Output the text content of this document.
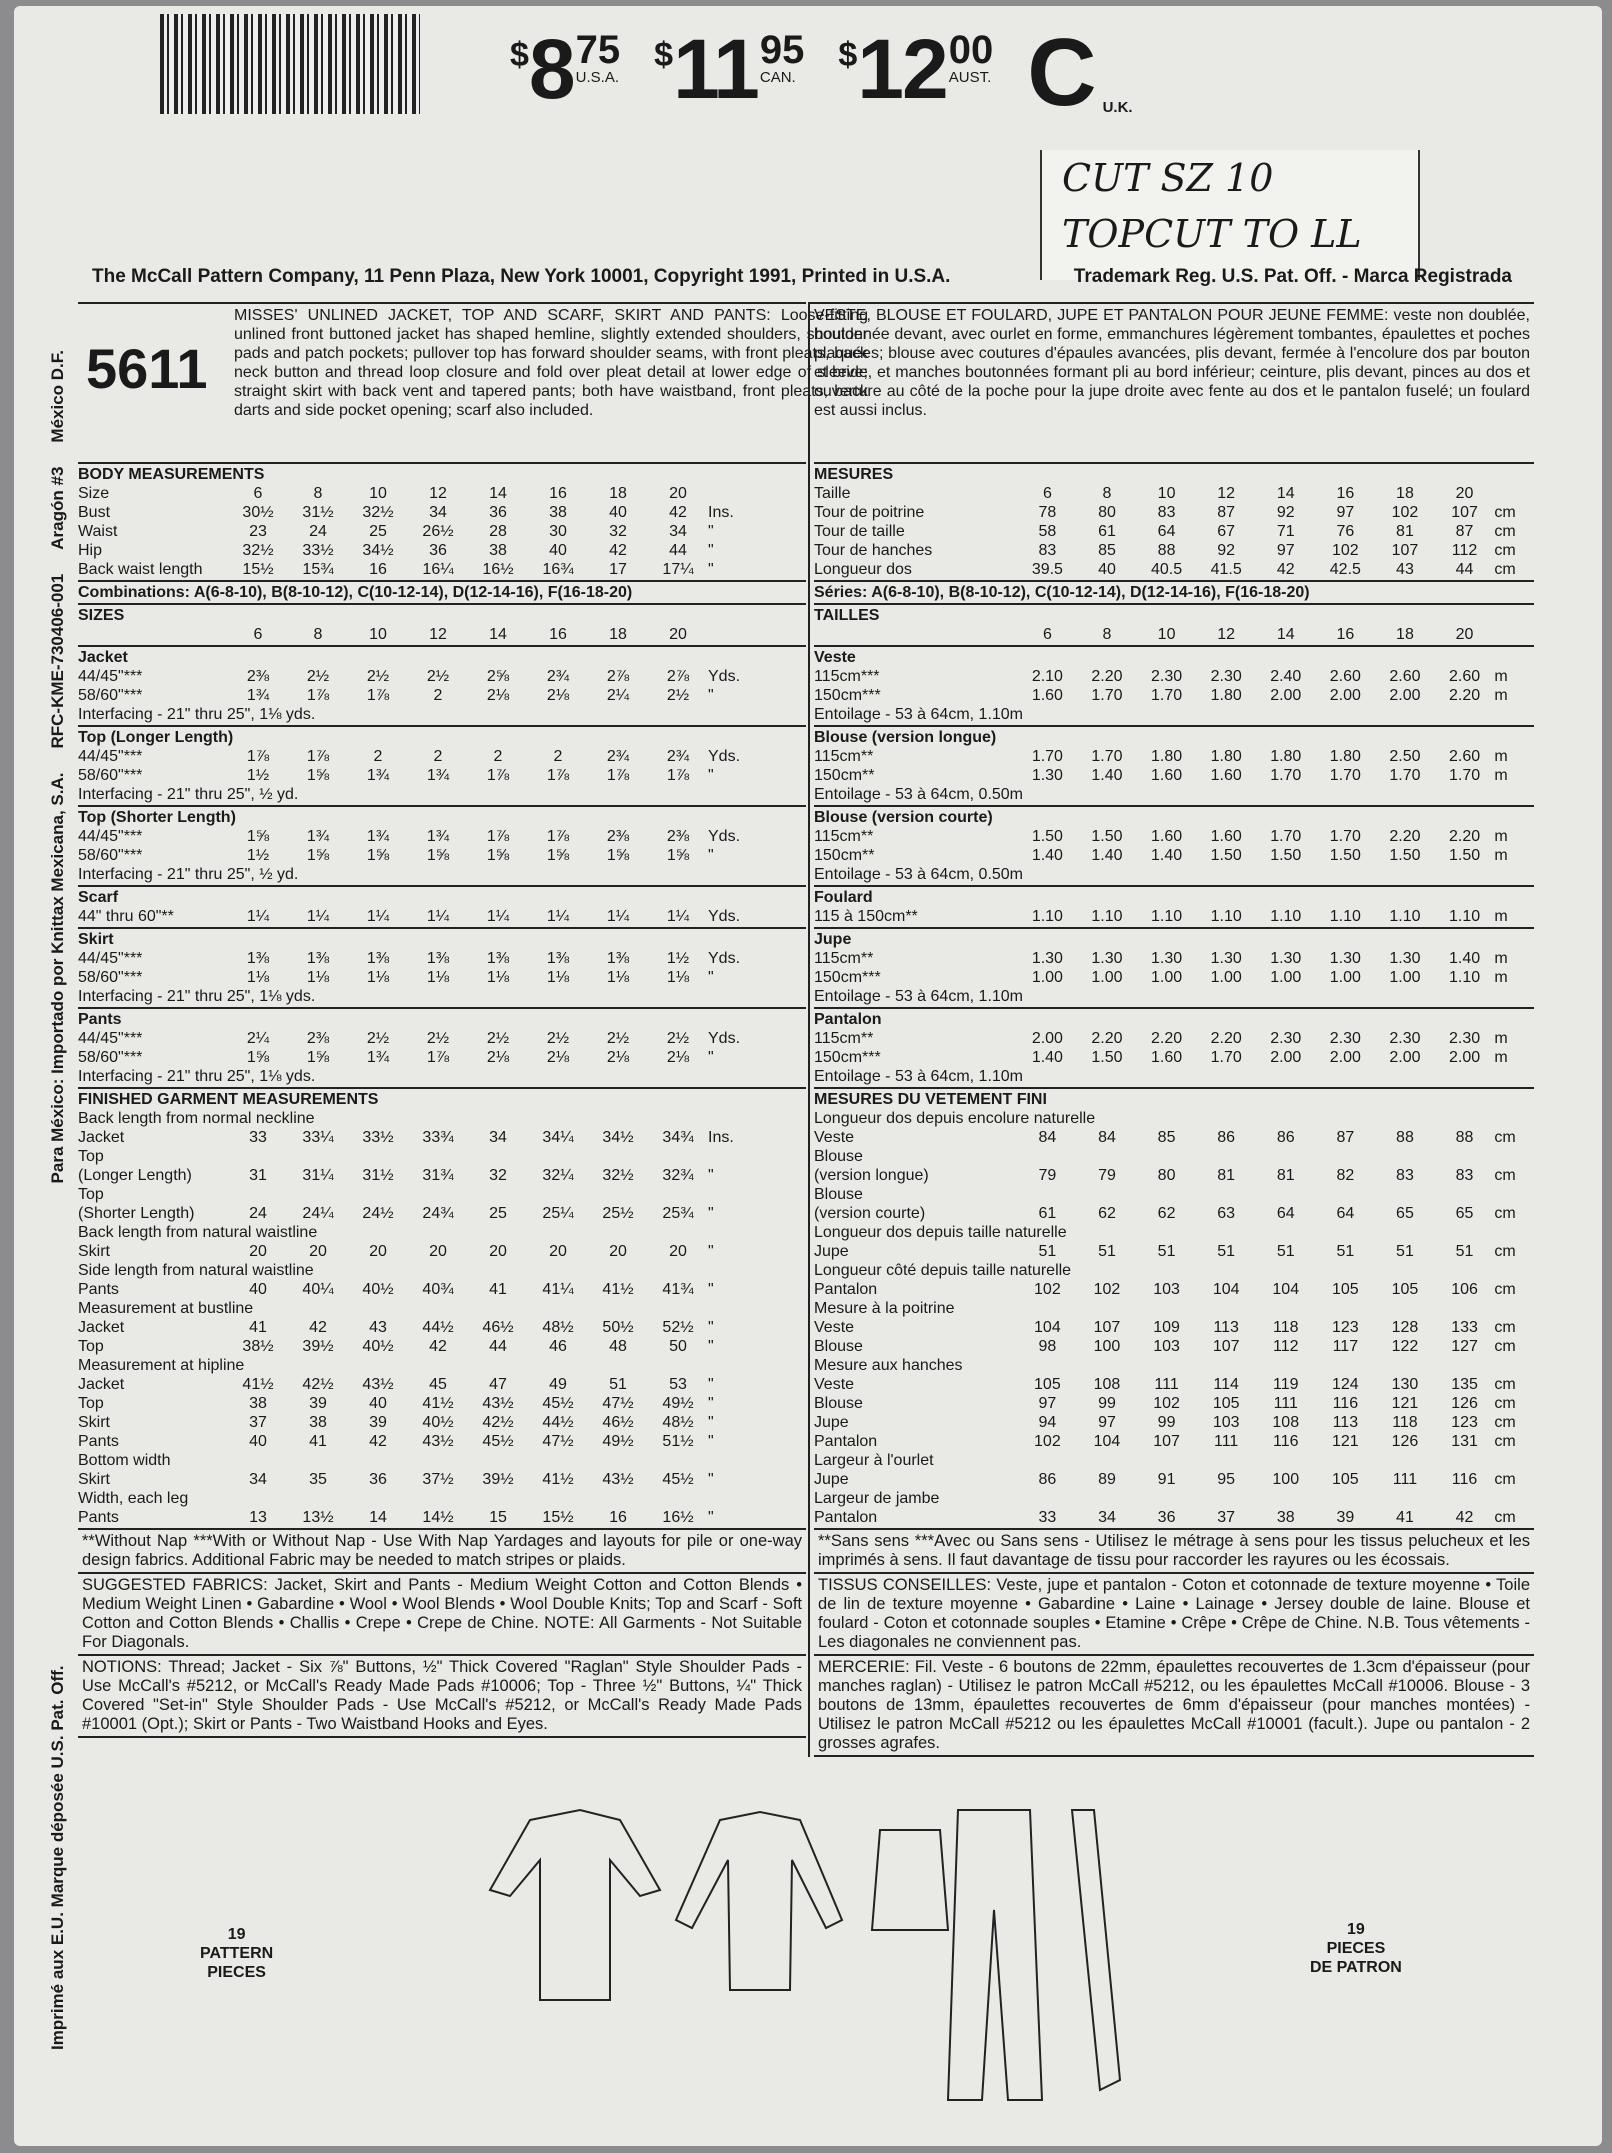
$ 8 75
U.S.A.
$ 11 95
CAN.
$ 12 00
AUST. C U.K.
CUT SZ 10
TOPCUT TO LL
The McCall Pattern Company, 11 Penn Plaza, New York 10001, Copyright 1991, Printed in U.S.A.	Trademark Reg. U.S. Pat. Off. - Marca Registrada
Imprimé aux E.U. Marque déposée U.S. Pat. Off.
Para México: Importado por Knittax Mexicana, S.A.
RFC-KME-730406-001
Aragón #3
México D.F. 5611
MISSES' UNLINED JACKET, TOP AND SCARF, SKIRT AND PANTS: Loose-fitting unlined front buttoned jacket has shaped hemline, slightly extended shoulders, shoulder pads and patch pockets; pullover top has forward shoulder seams, with front pleats, back neck button and thread loop closure and fold over pleat detail at lower edge of sleeve; straight skirt with back vent and tapered pants; both have waistband, front pleats, back darts and side pocket opening; scarf also included.
BODY MEASUREMENTS
Size	6	8	10	12	14	16	18	20
Bust	30½	31½	32½	34	36	38	40	42	Ins.
Waist	23	24	25	26½	28	30	32	34	"
Hip	32½	33½	34½	36	38	40	42	44	"
Back waist length	15½	15¾	16	16¼	16½	16¾	17	17¼ "
Combinations: A(6-8-10), B(8-10-12), C(10-12-14), D(12-14-16), F(16-18-20)
SIZES
6	8	10	12	14	16	18	20
Jacket
44/45"***	2⅜	2½	2½	2½	2⅝	2¾	2⅞	2⅞	Yds.
58/60"***	1¾	1⅞	1⅞	2	2⅛	2⅛	2¼	2½	"
Interfacing - 21" thru 25", 1⅛ yds.
Top (Longer Length)
44/45"***	1⅞	1⅞	2	2	2	2	2¾	2¾	Yds.
58/60"***	1½	1⅝	1¾	1¾	1⅞	1⅞	1⅞	1⅞	"
Interfacing - 21" thru 25", ½ yd.
Top (Shorter Length)
44/45"***	1⅝	1¾	1¾	1¾	1⅞	1⅞	2⅜	2⅜	Yds.
58/60"***	1½	1⅝	1⅝	1⅝	1⅝	1⅝	1⅝	1⅝	"
Interfacing - 21" thru 25", ½ yd.
Scarf
44" thru 60"**	1¼	1¼	1¼	1¼	1¼	1¼	1¼	1¼	Yds.
Skirt
44/45"***	1⅜	1⅜	1⅜	1⅜	1⅜	1⅜	1⅜	1½	Yds.
58/60"***	1⅛	1⅛	1⅛	1⅛	1⅛	1⅛	1⅛	1⅛	"
Interfacing - 21" thru 25", 1⅛ yds.
Pants
44/45"***	2¼	2⅜	2½	2½	2½	2½	2½	2½	Yds.
58/60"***	1⅝	1⅝	1¾	1⅞	2⅛	2⅛	2⅛	2⅛	"
Interfacing - 21" thru 25", 1⅛ yds.
FINISHED GARMENT MEASUREMENTS
Back length from normal neckline
Jacket	33	33¼	33½	33¾	34	34¼	34½	34¾ Ins.
Top
(Longer Length)	31	31¼	31½	31¾	32	32¼	32½	32¾ "
Top
(Shorter Length)	24	24¼	24½	24¾	25	25¼	25½	25¾ "
Back length from natural waistline
Skirt	20	20	20	20	20	20	20	20	"
Side length from natural waistline
Pants	40	40¼	40½	40¾	41	41¼	41½	41¾ "
Measurement at bustline
Jacket	41	42	43	44½	46½	48½	50½	52½ "
Top	38½	39½	40½	42	44	46	48	50	"
Measurement at hipline
Jacket	41½	42½	43½	45	47	49	51	53	"
Top	38	39	40	41½	43½	45½	47½	49½ "
Skirt	37	38	39	40½	42½	44½	46½	48½ "
Pants	40	41	42	43½	45½	47½	49½	51½ "
Bottom width
Skirt	34	35	36	37½	39½	41½	43½	45½ "
Width, each leg
Pants	13	13½	14	14½	15	15½	16	16½ "
**Without Nap ***With or Without Nap - Use With Nap Yardages and layouts for pile or one-way design fabrics. Additional Fabric may be needed to match stripes or plaids.
SUGGESTED FABRICS: Jacket, Skirt and Pants - Medium Weight Cotton and Cotton Blends • Medium Weight Linen • Gabardine • Wool • Wool Blends • Wool Double Knits; Top and Scarf - Soft Cotton and Cotton Blends • Challis • Crepe • Crepe de Chine. NOTE: All Garments - Not Suitable For Diagonals.
NOTIONS: Thread; Jacket - Six ⅞" Buttons, ½" Thick Covered "Raglan" Style Shoulder Pads - Use McCall's #5212, or McCall's Ready Made Pads #10006; Top - Three ½" Buttons, ¼" Thick Covered "Set-in" Style Shoulder Pads - Use McCall's #5212, or McCall's Ready Made Pads #10001 (Opt.); Skirt or Pants - Two Waistband Hooks and Eyes.
VESTE, BLOUSE ET FOULARD, JUPE ET PANTALON POUR JEUNE FEMME: veste non doublée, boutonnée devant, avec ourlet en forme, emmanchures légèrement tombantes, épaulettes et poches plaquées; blouse avec coutures d'épaules avancées, plis devant, fermée à l'encolure dos par bouton et bride, et manches boutonnées formant pli au bord inférieur; ceinture, plis devant, pinces au dos et ouverture au côté de la poche pour la jupe droite avec fente au dos et le pantalon fuselé; un foulard est aussi inclus.
MESURES
Taille	6	8	10	12	14	16	18	20
Tour de poitrine	78	80	83	87	92	97	102	107	cm
Tour de taille	58	61	64	67	71	76	81	87	cm
Tour de hanches	83	85	88	92	97	102	107	112	cm
Longueur dos	39.5	40	40.5	41.5	42	42.5	43	44	cm
Séries: A(6-8-10), B(8-10-12), C(10-12-14), D(12-14-16), F(16-18-20)
TAILLES
6	8	10	12	14	16	18	20
Veste
115cm***	2.10	2.20	2.30	2.30	2.40	2.60	2.60	2.60 m
150cm***	1.60	1.70	1.70	1.80	2.00	2.00	2.00	2.20 m
Entoilage - 53 à 64cm, 1.10m
Blouse (version longue)
115cm**	1.70	1.70	1.80	1.80	1.80	1.80	2.50	2.60 m
150cm**	1.30	1.40	1.60	1.60	1.70	1.70	1.70	1.70 m
Entoilage - 53 à 64cm, 0.50m
Blouse (version courte)
115cm**	1.50	1.50	1.60	1.60	1.70	1.70	2.20	2.20 m
150cm**	1.40	1.40	1.40	1.50	1.50	1.50	1.50	1.50 m
Entoilage - 53 à 64cm, 0.50m
Foulard
115 à 150cm**	1.10	1.10	1.10	1.10	1.10	1.10	1.10	1.10 m
Jupe
115cm**	1.30	1.30	1.30	1.30	1.30	1.30	1.30	1.40 m
150cm***	1.00	1.00	1.00	1.00	1.00	1.00	1.00	1.10 m
Entoilage - 53 à 64cm, 1.10m
Pantalon
115cm**	2.00	2.20	2.20	2.20	2.30	2.30	2.30	2.30 m
150cm***	1.40	1.50	1.60	1.70	2.00	2.00	2.00	2.00 m
Entoilage - 53 à 64cm, 1.10m
MESURES DU VETEMENT FINI
Longueur dos depuis encolure naturelle
Veste	84	84	85	86	86	87	88	88	cm
Blouse
(version longue)	79	79	80	81	81	82	83	83	cm
Blouse
(version courte)	61	62	62	63	64	64	65	65	cm
Longueur dos depuis taille naturelle
Jupe	51	51	51	51	51	51	51	51	cm
Longueur côté depuis taille naturelle
Pantalon	102	102	103	104	104	105	105	106	cm
Mesure à la poitrine
Veste	104	107	109	113	118	123	128	133	cm
Blouse	98	100	103	107	112	117	122	127	cm
Mesure aux hanches
Veste	105	108	111	114	119	124	130	135	cm
Blouse	97	99	102	105	111	116	121	126	cm
Jupe	94	97	99	103	108	113	118	123	cm
Pantalon	102	104	107	111	116	121	126	131	cm
Largeur à l'ourlet
Jupe	86	89	91	95	100	105	111	116	cm
Largeur de jambe
Pantalon	33	34	36	37	38	39	41	42	cm
**Sans sens ***Avec ou Sans sens - Utilisez le métrage à sens pour les tissus pelucheux et les imprimés à sens. Il faut davantage de tissu pour raccorder les rayures ou les écossais.
TISSUS CONSEILLES: Veste, jupe et pantalon - Coton et cotonnade de texture moyenne • Toile de lin de texture moyenne • Gabardine • Laine • Lainage • Jersey double de laine. Blouse et foulard - Coton et cotonnade souples • Etamine • Crêpe • Crêpe de Chine. N.B. Tous vêtements - Les diagonales ne conviennent pas.
MERCERIE: Fil. Veste - 6 boutons de 22mm, épaulettes recouvertes de 1.3cm d'épaisseur (pour manches raglan) - Utilisez le patron McCall #5212, ou les épaulettes McCall #10006. Blouse - 3 boutons de 13mm, épaulettes recouvertes de 6mm d'épaisseur (pour manches montées) - Utilisez le patron McCall #5212 ou les épaulettes McCall #10001 (facult.). Jupe ou pantalon - 2 grosses agrafes.
19
PATTERN
PIECES
19
PIECES
DE PATRON
